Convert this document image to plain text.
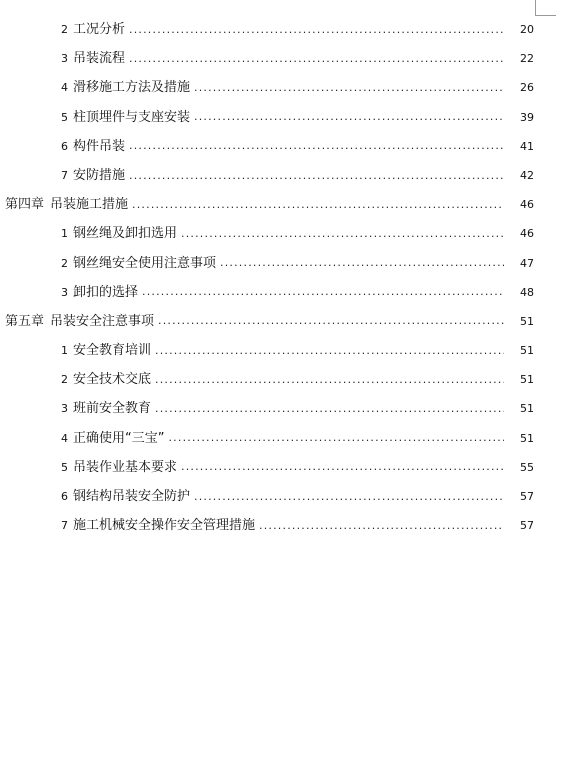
2 工况分析 .....	20
3 吊装流程 .....	22
4 滑移施工方法及措施 .....	26
5 柱顶埋件与支座安装 .....	39
6 构件吊装 .....	41
7 安防措施 .....	42
第四章 吊装施工措施 .....	46
1 钢丝绳及卸扣选用 .....	46
2 钢丝绳安全使用注意事项 .....	47
3 卸扣的选择 .....	48
第五章 吊装安全注意事项 .....	51
1 安全教育培训 .....	51
2 安全技术交底 .....	51
3 班前安全教育 .....	51
4 正确使用“三宝” .....	51
5 吊装作业基本要求 .....	55
6 钢结构吊装安全防护 .....	57
7 施工机械安全操作安全管理措施 .....	57
